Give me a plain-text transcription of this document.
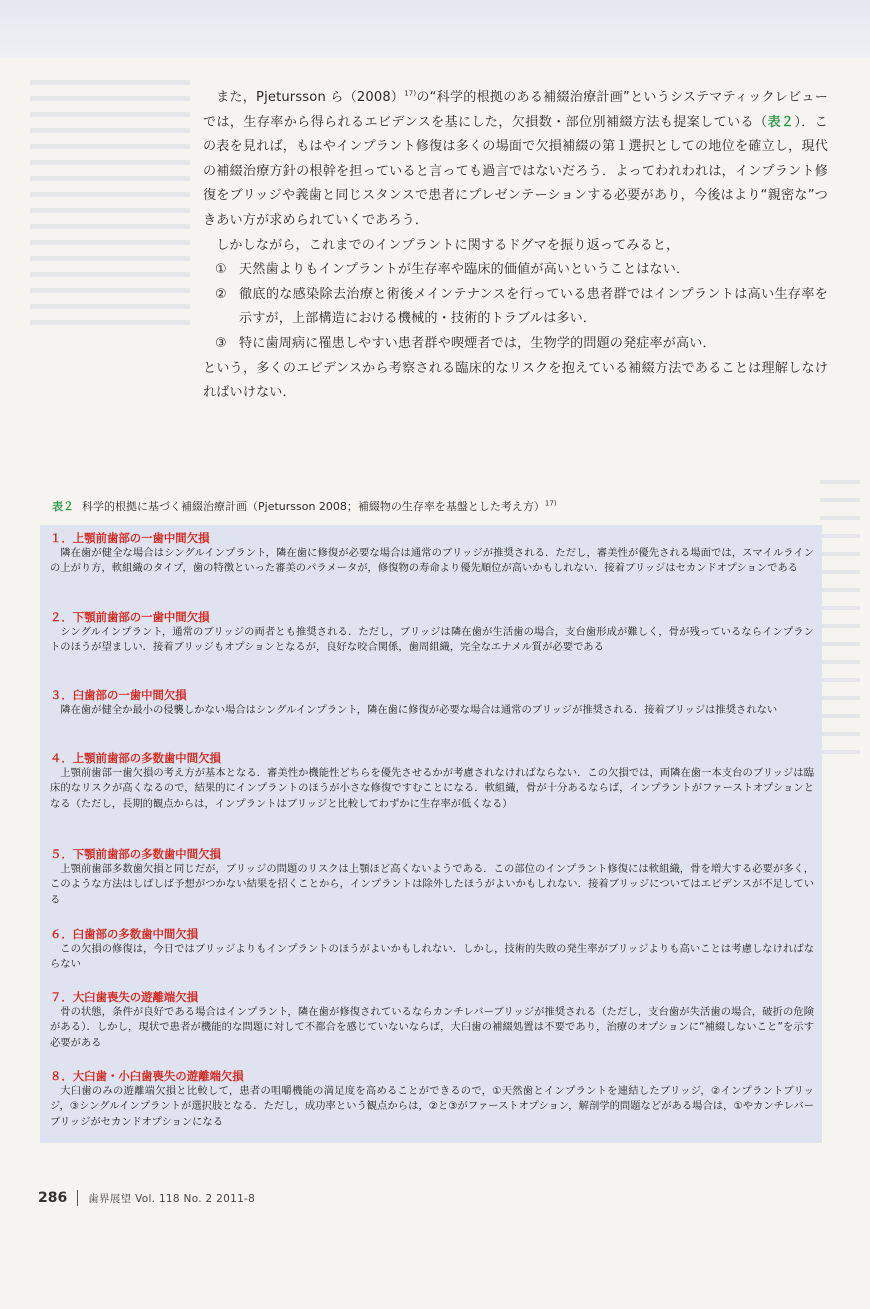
また，Pjetursson ら$(2008)^{17)}$の“科学的根拠のある補綴治療計画”というシステマティックレビューでは，生存率から得られるエビデンスを基にした，欠損数・部位別補綴方法も提案している（表２）．この表を見れば，もはやインプラント修復は多くの場面で欠損補綴の第１選択としての地位を確立し，現代の補綴治療方針の根幹を担っていると言っても過言ではないだろう．よってわれわれは，インプラント修復をブリッジや義歯と同じスタンスで患者にプレゼンテーションする必要があり，今後はより“親密な”つきあい方が求められていくであろう．

しかしながら，これまでのインプラントに関するドグマを振り返ってみると，

① 天然歯よりもインプラントが生存率や臨床的価値が高いということはない．
② 徹底的な感染除去治療と術後メインテナンスを行っている患者群ではインプラントは高い生存率を示すが，上部構造における機械的・技術的トラブルは多い．
③ 特に歯周病に罹患しやすい患者群や喫煙者では，生物学的問題の発症率が高い．

という，多くのエビデンスから考察される臨床的なリスクを抱えている補綴方法であることは理解しなければいけない．

表２ 科学的根拠に基づく補綴治療計画（Pjetursson 2008；補綴物の生存率を基盤とした考え方）$^{17)}$

１．上顎前歯部の一歯中間欠損

隣在歯が健全な場合はシングルインプラント，隣在歯に修復が必要な場合は通常のブリッジが推奨される．ただし，審美性が優先される場面では，スマイルラインの上がり方，軟組織のタイプ，歯の特徴といった審美のパラメータが，修復物の寿命より優先順位が高いかもしれない．接着ブリッジはセカンドオプションである

２．下顎前歯部の一歯中間欠損

シングルインプラント，通常のブリッジの両者とも推奨される．ただし，ブリッジは隣在歯が生活歯の場合，支台歯形成が難しく，骨が残っているならインプラントのほうが望ましい．接着ブリッジもオプションとなるが，良好な咬合関係，歯周組織，完全なエナメル質が必要である

３．臼歯部の一歯中間欠損

隣在歯が健全か最小の侵襲しかない場合はシングルインプラント，隣在歯に修復が必要な場合は通常のブリッジが推奨される．接着ブリッジは推奨されない

４．上顎前歯部の多数歯中間欠損

上顎前歯部一歯欠損の考え方が基本となる．審美性か機能性どちらを優先させるかが考慮されなければならない．この欠損では，両隣在歯一本支台のブリッジは臨床的なリスクが高くなるので，結果的にインプラントのほうが小さな修復ですむことになる．軟組織，骨が十分あるならば，インプラントがファーストオプションとなる（ただし，長期的観点からは，インプラントはブリッジと比較してわずかに生存率が低くなる）

５．下顎前歯部の多数歯中間欠損

上顎前歯部多数歯欠損と同じだが，ブリッジの問題のリスクは上顎ほど高くないようである．この部位のインプラント修復には軟組織，骨を増大する必要が多く，このような方法はしばしば予想がつかない結果を招くことから，インプラントは除外したほうがよいかもしれない．接着ブリッジについてはエビデンスが不足している

６．臼歯部の多数歯中間欠損

この欠損の修復は，今日ではブリッジよりもインプラントのほうがよいかもしれない．しかし，技術的失敗の発生率がブリッジよりも高いことは考慮しなければならない

７．大臼歯喪失の遊離端欠損

骨の状態，条件が良好である場合はインプラント，隣在歯が修復されているならカンチレバーブリッジが推奨される（ただし，支台歯が失活歯の場合，破折の危険がある）．しかし，現状で患者が機能的な問題に対して不都合を感じていないならば，大臼歯の補綴処置は不要であり，治療のオプションに“補綴しないこと”を示す必要がある

８．大臼歯・小臼歯喪失の遊離端欠損

大臼歯のみの遊離端欠損と比較して，患者の咀嚼機能の満足度を高めることができるので，①天然歯とインプラントを連結したブリッジ，②インプラントブリッジ，③シングルインプラントが選択肢となる．ただし，成功率という観点からは，②と③がファーストオプション，解剖学的問題などがある場合は，①やカンチレバーブリッジがセカンドオプションになる

286 歯界展望 Vol. 118 No. 2 2011-8
